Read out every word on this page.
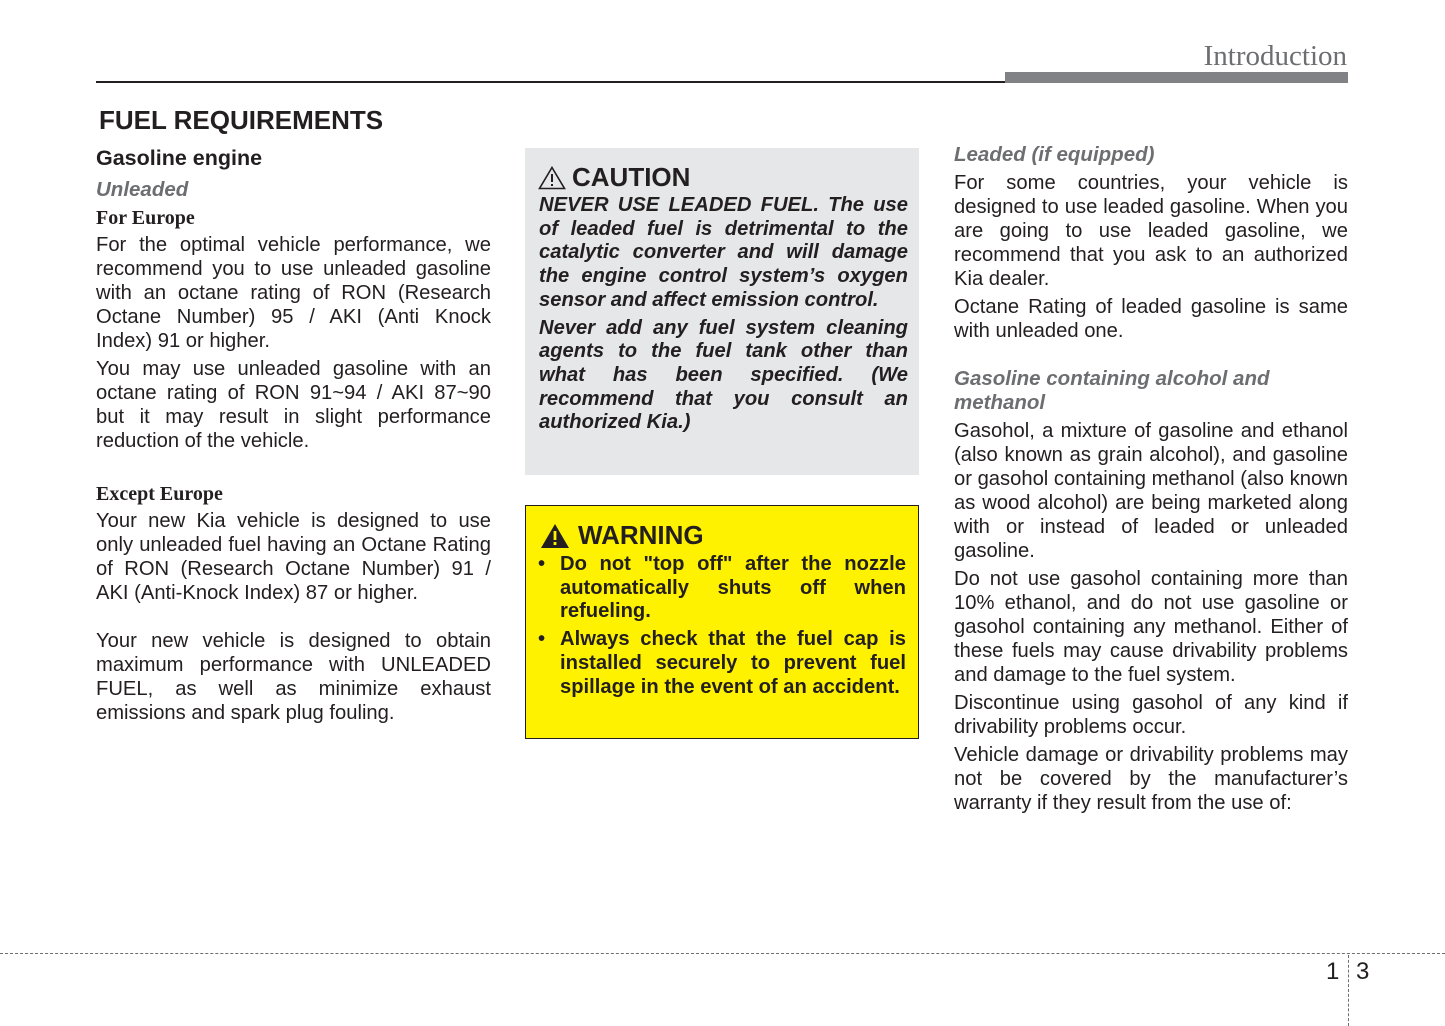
Introduction
FUEL REQUIREMENTS
Gasoline engine
Unleaded
For Europe

For the optimal vehicle performance, we recommend you to use unleaded gasoline with an octane rating of RON (Research Octane Number) 95 / AKI (Anti Knock Index) 91 or higher.

You may use unleaded gasoline with an octane rating of RON 91~94 / AKI 87~90 but it may result in slight performance reduction of the vehicle.

Except Europe

Your new Kia vehicle is designed to use only unleaded fuel having an Octane Rating of RON (Research Octane Number) 91 / AKI (Anti-Knock Index) 87 or higher.

Your new vehicle is designed to obtain maximum performance with UNLEADED FUEL, as well as minimize exhaust emissions and spark plug fouling.

CAUTION

NEVER USE LEADED FUEL. The use of leaded fuel is detrimental to the catalytic converter and will damage the engine control system’s oxygen sensor and affect emission control.

Never add any fuel system cleaning agents to the fuel tank other than what has been specified. (We recommend that you consult an authorized Kia.)

WARNING
• Do not "top off" after the nozzle automatically shuts off when refueling.
• Always check that the fuel cap is installed securely to prevent fuel spillage in the event of an accident.
Leaded (if equipped)

For some countries, your vehicle is designed to use leaded gasoline. When you are going to use leaded gasoline, we recommend that you ask to an authorized Kia dealer.

Octane Rating of leaded gasoline is same with unleaded one.

Gasoline containing alcohol and methanol

Gasohol, a mixture of gasoline and ethanol (also known as grain alcohol), and gasoline or gasohol containing methanol (also known as wood alcohol) are being marketed along with or instead of leaded or unleaded gasoline.

Do not use gasohol containing more than 10% ethanol, and do not use gasoline or gasohol containing any methanol. Either of these fuels may cause drivability problems and damage to the fuel system.

Discontinue using gasohol of any kind if drivability problems occur.

Vehicle damage or drivability problems may not be covered by the manufacturer’s warranty if they result from the use of:

1 3
